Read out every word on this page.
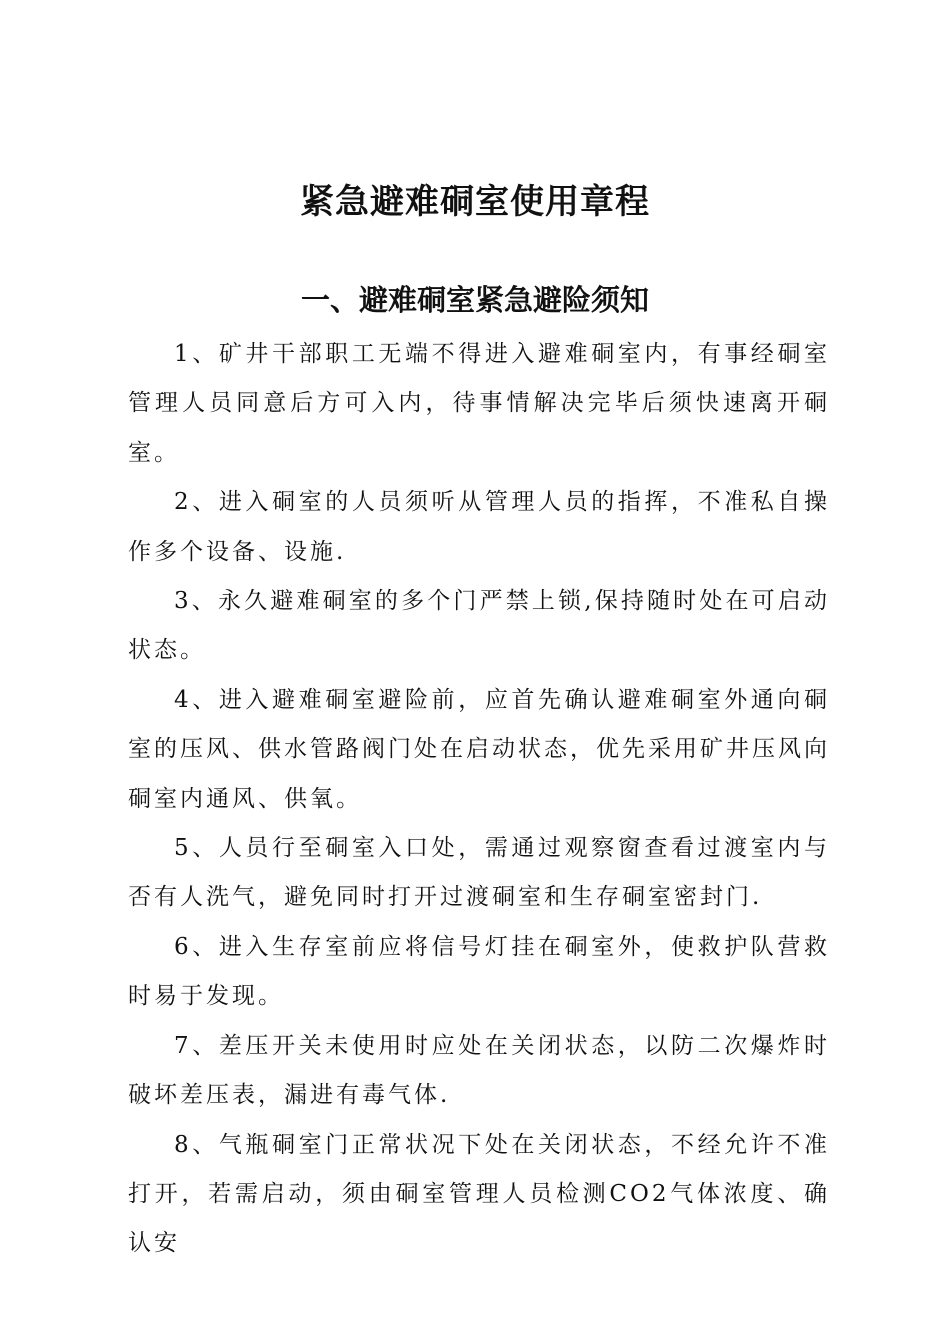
紧急避难硐室使用章程
一、避难硐室紧急避险须知

1、矿井干部职工无端不得进入避难硐室内，有事经硐室管理人员同意后方可入内，待事情解决完毕后须快速离开硐室。

2、进入硐室的人员须听从管理人员的指挥，不准私自操作多个设备、设施.

3、永久避难硐室的多个门严禁上锁,保持随时处在可启动状态。

4、进入避难硐室避险前，应首先确认避难硐室外通向硐室的压风、供水管路阀门处在启动状态，优先采用矿井压风向硐室内通风、供氧。

5、人员行至硐室入口处，需通过观察窗查看过渡室内与否有人洗气，避免同时打开过渡硐室和生存硐室密封门.

6、进入生存室前应将信号灯挂在硐室外，使救护队营救时易于发现。

7、差压开关未使用时应处在关闭状态，以防二次爆炸时破坏差压表，漏进有毒气体.

8、气瓶硐室门正常状况下处在关闭状态，不经允许不准打开，若需启动，须由硐室管理人员检测CO2气体浓度、确认安
